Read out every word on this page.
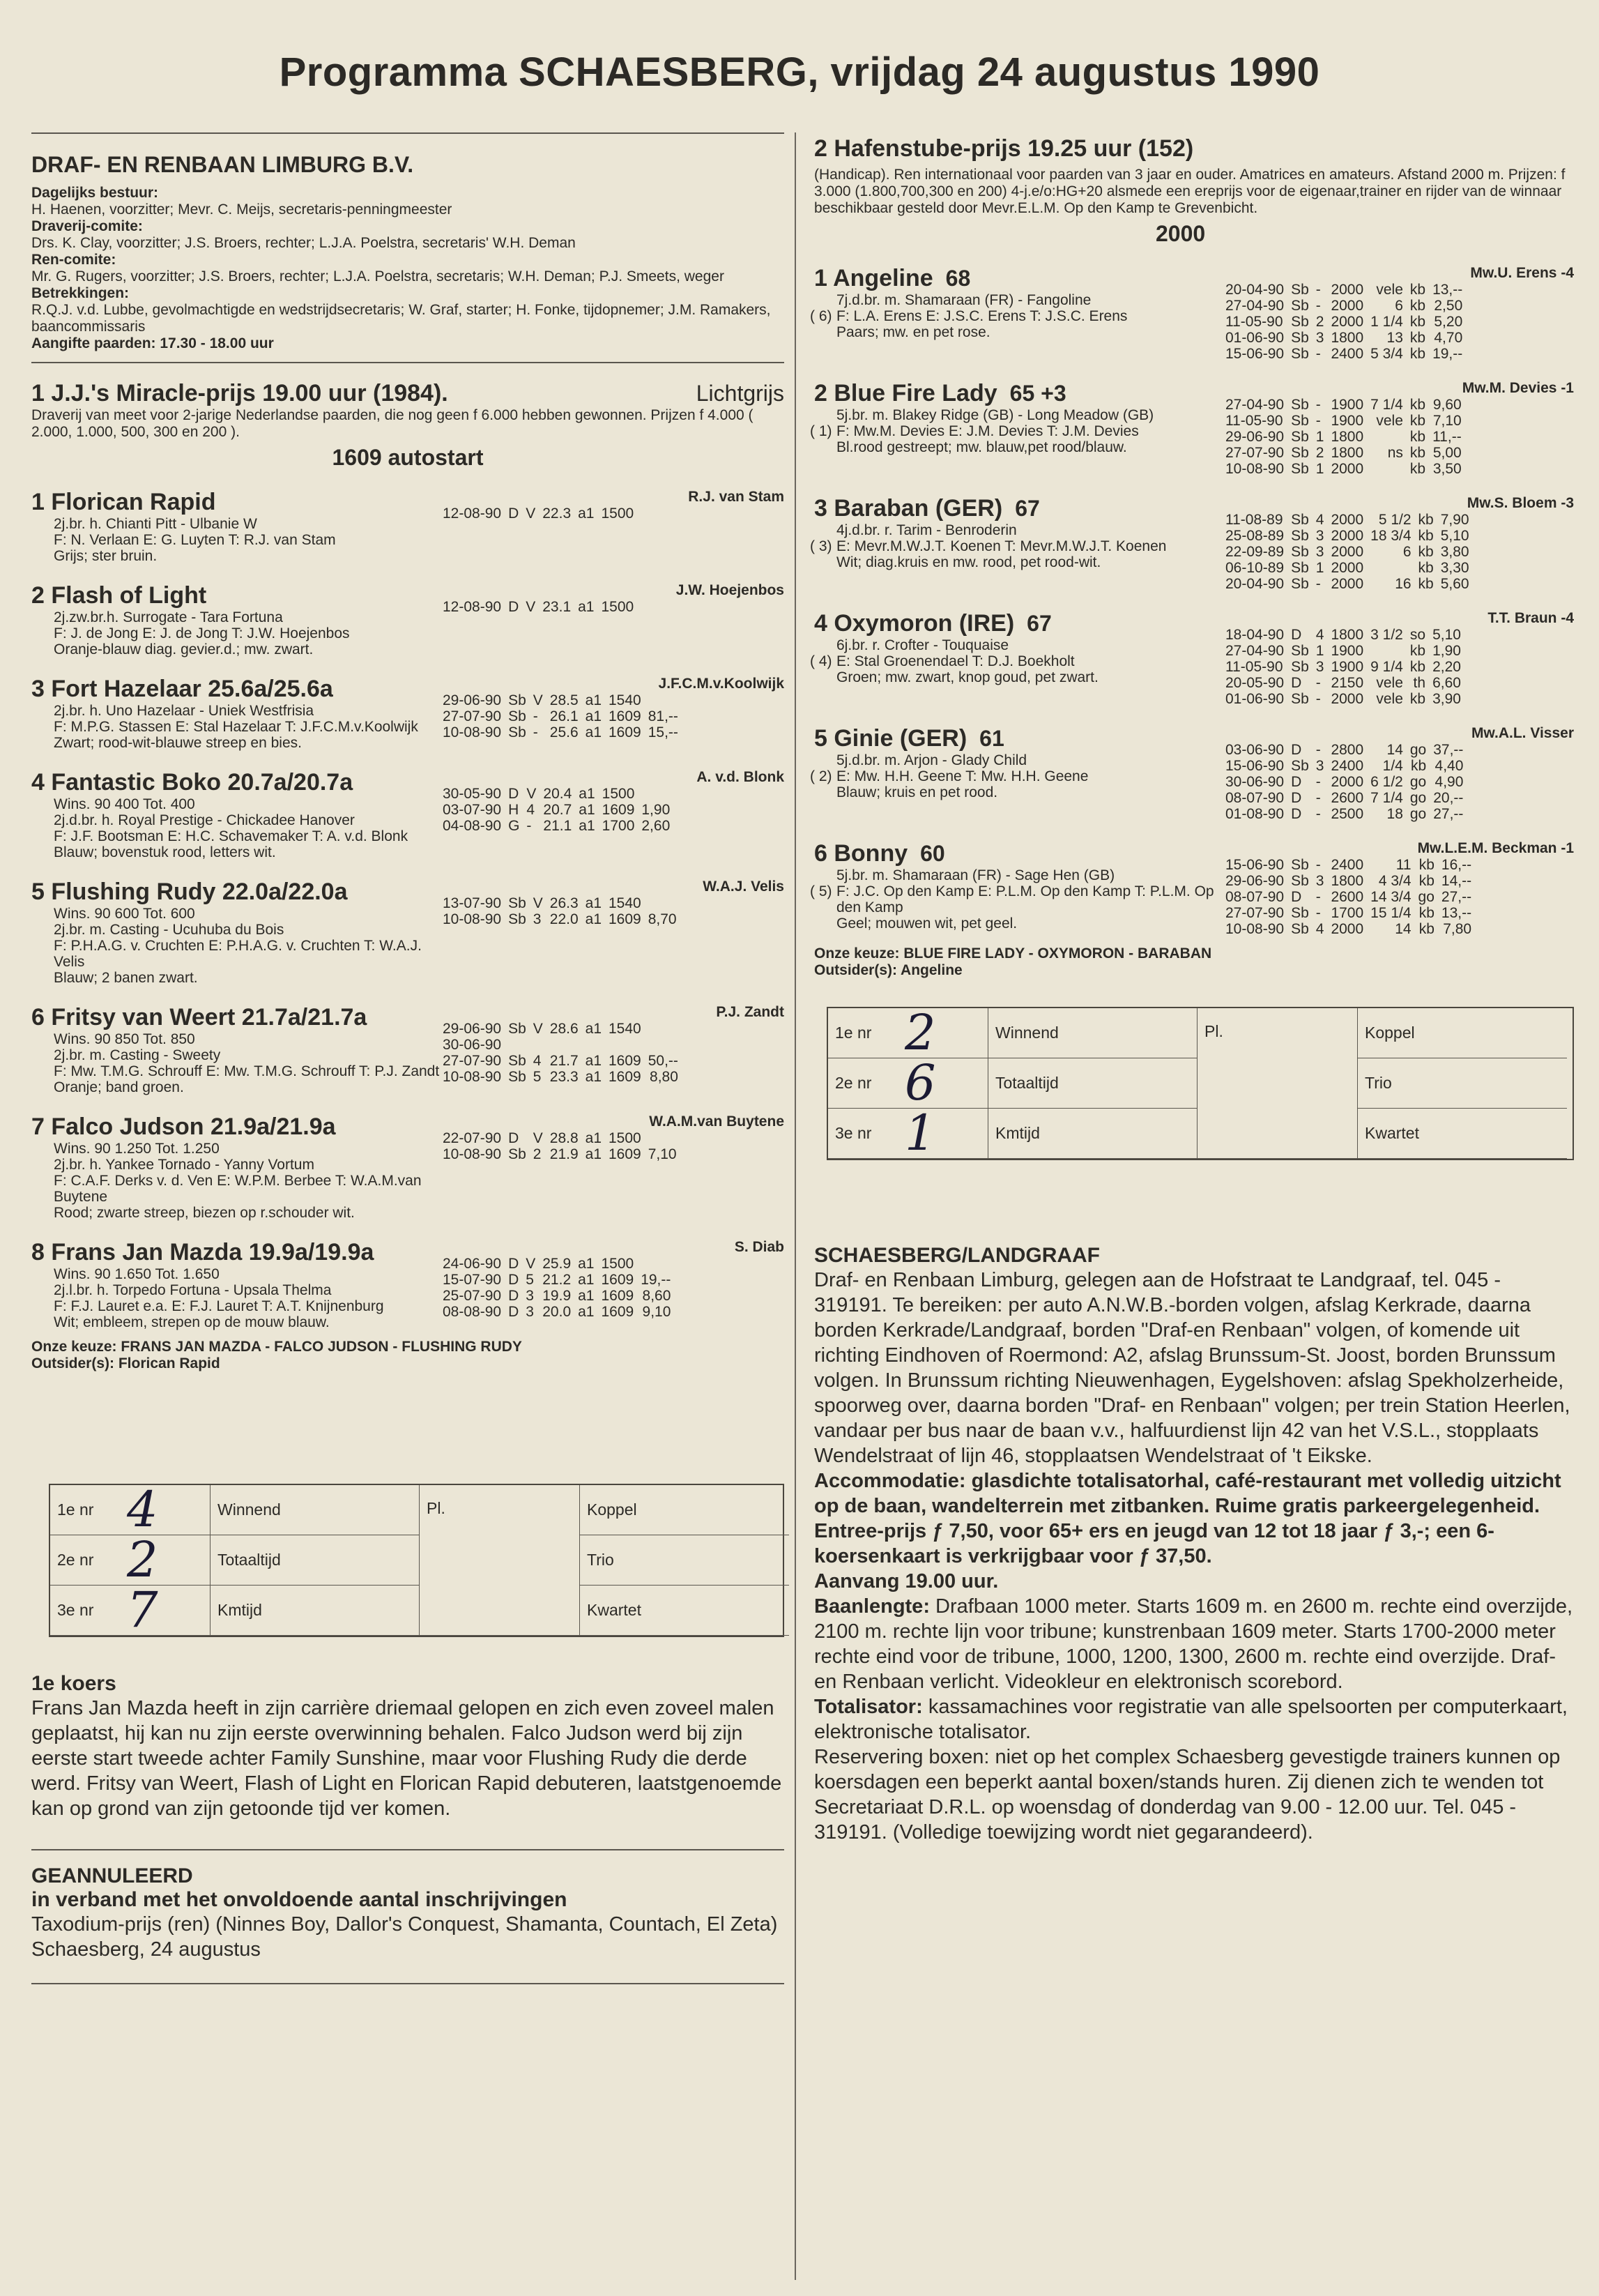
Programma SCHAESBERG, vrijdag 24 augustus 1990
DRAF- EN RENBAAN LIMBURG B.V.
Dagelijks bestuur:
H. Haenen, voorzitter; Mevr. C. Meijs, secretaris-penningmeester
Draverij-comite:
Drs. K. Clay, voorzitter; J.S. Broers, rechter; L.J.A. Poelstra, secretaris' W.H. Deman
Ren-comite:
Mr. G. Rugers, voorzitter; J.S. Broers, rechter; L.J.A. Poelstra, secretaris; W.H. Deman; P.J. Smeets, weger
Betrekkingen:
R.Q.J. v.d. Lubbe, gevolmachtigde en wedstrijdsecretaris; W. Graf, starter; H. Fonke, tijdopnemer; J.M. Ramakers, baancommissaris
Aangifte paarden: 17.30 - 18.00 uur
1 J.J.'s Miracle-prijs 19.00 uur (1984).	Lichtgrijs
Draverij van meet voor 2-jarige Nederlandse paarden, die nog geen f 6.000 hebben gewonnen. Prijzen f 4.000 ( 2.000, 1.000, 500, 300 en 200 ).
1609 autostart
1 Florican Rapid
2j.br. h. Chianti Pitt - Ulbanie W
F: N. Verlaan E: G. Luyten T: R.J. van Stam
Grijs; ster bruin.
R.J. van Stam
12-08-90	D	V	22.3	a1	1500	
2 Flash of Light
2j.zw.br.h. Surrogate - Tara Fortuna
F: J. de Jong E: J. de Jong T: J.W. Hoejenbos
Oranje-blauw diag. gevier.d.; mw. zwart.
J.W. Hoejenbos
12-08-90	D	V	23.1	a1	1500	
3 Fort Hazelaar 25.6a/25.6a
2j.br. h. Uno Hazelaar - Uniek Westfrisia
F: M.P.G. Stassen E: Stal Hazelaar T: J.F.C.M.v.Koolwijk
Zwart; rood-wit-blauwe streep en bies.
J.F.C.M.v.Koolwijk
29-06-90	Sb	V	28.5	a1	1540	
27-07-90	Sb	-	26.1	a1	1609	81,--
10-08-90	Sb	-	25.6	a1	1609	15,--
4 Fantastic Boko 20.7a/20.7a
Wins. 90 400 Tot. 400
2j.d.br. h. Royal Prestige - Chickadee Hanover
F: J.F. Bootsman E: H.C. Schavemaker T: A. v.d. Blonk
Blauw; bovenstuk rood, letters wit.
A. v.d. Blonk
30-05-90	D	V	20.4	a1	1500	
03-07-90	H	4	20.7	a1	1609	1,90
04-08-90	G	-	21.1	a1	1700	2,60
5 Flushing Rudy 22.0a/22.0a
Wins. 90 600 Tot. 600
2j.br. m. Casting - Ucuhuba du Bois
F: P.H.A.G. v. Cruchten E: P.H.A.G. v. Cruchten T: W.A.J. Velis
Blauw; 2 banen zwart.
W.A.J. Velis
13-07-90	Sb	V	26.3	a1	1540	
10-08-90	Sb	3	22.0	a1	1609	8,70
6 Fritsy van Weert 21.7a/21.7a
Wins. 90 850 Tot. 850
2j.br. m. Casting - Sweety
F: Mw. T.M.G. Schrouff E: Mw. T.M.G. Schrouff T: P.J. Zandt
Oranje; band groen.
P.J. Zandt
29-06-90	Sb	V	28.6	a1	1540	
30-06-90						
27-07-90	Sb	4	21.7	a1	1609	50,--
10-08-90	Sb	5	23.3	a1	1609	8,80
7 Falco Judson 21.9a/21.9a
Wins. 90 1.250 Tot. 1.250
2j.br. h. Yankee Tornado - Yanny Vortum
F: C.A.F. Derks v. d. Ven E: W.P.M. Berbee T: W.A.M.van Buytene
Rood; zwarte streep, biezen op r.schouder wit.
W.A.M.van Buytene
22-07-90	D	V	28.8	a1	1500	
10-08-90	Sb	2	21.9	a1	1609	7,10
8 Frans Jan Mazda 19.9a/19.9a
Wins. 90 1.650 Tot. 1.650
2j.l.br. h. Torpedo Fortuna - Upsala Thelma
F: F.J. Lauret e.a. E: F.J. Lauret T: A.T. Knijnenburg
Wit; embleem, strepen op de mouw blauw.
S. Diab
24-06-90	D	V	25.9	a1	1500	
15-07-90	D	5	21.2	a1	1609	19,--
25-07-90	D	3	19.9	a1	1609	8,60
08-08-90	D	3	20.0	a1	1609	9,10
Onze keuze: FRANS JAN MAZDA - FALCO JUDSON - FLUSHING RUDY
Outsider(s): Florican Rapid
1e nr 4	Winnend	Koppel
2e nr 2	Totaaltijd	Trio
3e nr 7	Kmtijd	Kwartet
Pl.
1e koers
Frans Jan Mazda heeft in zijn carrière driemaal gelopen en zich even zoveel malen geplaatst, hij kan nu zijn eerste overwinning behalen. Falco Judson werd bij zijn eerste start tweede achter Family Sunshine, maar voor Flushing Rudy die derde werd. Fritsy van Weert, Flash of Light en Florican Rapid debuteren, laatstgenoemde kan op grond van zijn getoonde tijd ver komen.
GEANNULEERD
in verband met het onvoldoende aantal inschrijvingen
Taxodium-prijs (ren) (Ninnes Boy, Dallor's Conquest, Shamanta, Countach, El Zeta)
Schaesberg, 24 augustus
2 Hafenstube-prijs 19.25 uur (152)
(Handicap). Ren internationaal voor paarden van 3 jaar en ouder. Amatrices en amateurs. Afstand 2000 m. Prijzen: f 3.000 (1.800,700,300 en 200) 4-j.e/o:HG+20 alsmede een ereprijs voor de eigenaar,trainer en rijder van de winnaar beschikbaar gesteld door Mevr.E.L.M. Op den Kamp te Grevenbicht.
2000
1 Angeline 68
( 6)
7j.d.br. m. Shamaraan (FR) - Fangoline
F: L.A. Erens E: J.S.C. Erens T: J.S.C. Erens
Paars; mw. en pet rose.
Mw.U. Erens -4
20-04-90	Sb	-	2000	vele	kb	13,--
27-04-90	Sb	-	2000	6	kb	2,50
11-05-90	Sb	2	2000	1 1/4	kb	5,20
01-06-90	Sb	3	1800	13	kb	4,70
15-06-90	Sb	-	2400	5 3/4	kb	19,--
2 Blue Fire Lady 65 +3
( 1)
5j.br. m. Blakey Ridge (GB) - Long Meadow (GB)
F: Mw.M. Devies E: J.M. Devies T: J.M. Devies
Bl.rood gestreept; mw. blauw,pet rood/blauw.
Mw.M. Devies -1
27-04-90	Sb	-	1900	7 1/4	kb	9,60
11-05-90	Sb	-	1900	vele	kb	7,10
29-06-90	Sb	1	1800		kb	11,--
27-07-90	Sb	2	1800	ns	kb	5,00
10-08-90	Sb	1	2000		kb	3,50
3 Baraban (GER) 67
( 3)
4j.d.br. r. Tarim - Benroderin
E: Mevr.M.W.J.T. Koenen T: Mevr.M.W.J.T. Koenen
Wit; diag.kruis en mw. rood, pet rood-wit.
Mw.S. Bloem -3
11-08-89	Sb	4	2000	5 1/2	kb	7,90
25-08-89	Sb	3	2000	18 3/4	kb	5,10
22-09-89	Sb	3	2000	6	kb	3,80
06-10-89	Sb	1	2000		kb	3,30
20-04-90	Sb	-	2000	16	kb	5,60
4 Oxymoron (IRE) 67
( 4)
6j.br. r. Crofter - Touquaise
E: Stal Groenendael T: D.J. Boekholt
Groen; mw. zwart, knop goud, pet zwart.
T.T. Braun -4
18-04-90	D	4	1800	3 1/2	so	5,10
27-04-90	Sb	1	1900		kb	1,90
11-05-90	Sb	3	1900	9 1/4	kb	2,20
20-05-90	D	-	2150	vele	th	6,60
01-06-90	Sb	-	2000	vele	kb	3,90
5 Ginie (GER) 61
( 2)
5j.d.br. m. Arjon - Glady Child
E: Mw. H.H. Geene T: Mw. H.H. Geene
Blauw; kruis en pet rood.
Mw.A.L. Visser
03-06-90	D	-	2800	14	go	37,--
15-06-90	Sb	3	2400	1/4	kb	4,40
30-06-90	D	-	2000	6 1/2	go	4,90
08-07-90	D	-	2600	7 1/4	go	20,--
01-08-90	D	-	2500	18	go	27,--
6 Bonny 60
( 5)
5j.br. m. Shamaraan (FR) - Sage Hen (GB)
F: J.C. Op den Kamp E: P.L.M. Op den Kamp T: P.L.M. Op den Kamp
Geel; mouwen wit, pet geel.
Mw.L.E.M. Beckman -1
15-06-90	Sb	-	2400	11	kb	16,--
29-06-90	Sb	3	1800	4 3/4	kb	14,--
08-07-90	D	-	2600	14 3/4	go	27,--
27-07-90	Sb	-	1700	15 1/4	kb	13,--
10-08-90	Sb	4	2000	14	kb	7,80
Onze keuze: BLUE FIRE LADY - OXYMORON - BARABAN
Outsider(s): Angeline
1e nr 2	Winnend	Koppel
2e nr 6	Totaaltijd	Trio
3e nr 1	Kmtijd	Kwartet
Pl.
SCHAESBERG/LANDGRAAF
Draf- en Renbaan Limburg, gelegen aan de Hofstraat te Landgraaf, tel. 045 - 319191. Te bereiken: per auto A.N.W.B.-borden volgen, afslag Kerkrade, daarna borden Kerkrade/Landgraaf, borden "Draf-en Renbaan" volgen, of komende uit richting Eindhoven of Roermond: A2, afslag Brunssum-St. Joost, borden Brunssum volgen. In Brunssum richting Nieuwenhagen, Eygelshoven: afslag Spekholzerheide, spoorweg over, daarna borden "Draf- en Renbaan" volgen; per trein Station Heerlen, vandaar per bus naar de baan v.v., halfuurdienst lijn 42 van het V.S.L., stopplaats Wendelstraat of lijn 46, stopplaatsen Wendelstraat of 't Eikske.
Accommodatie: glasdichte totalisatorhal, café-restaurant met volledig uitzicht op de baan, wandelterrein met zitbanken. Ruime gratis parkeergelegenheid.
Entree-prijs ƒ 7,50, voor 65+ ers en jeugd van 12 tot 18 jaar ƒ 3,-; een 6-koersenkaart is verkrijgbaar voor ƒ 37,50.
Aanvang 19.00 uur.
Baanlengte: Drafbaan 1000 meter. Starts 1609 m. en 2600 m. rechte eind overzijde, 2100 m. rechte lijn voor tribune; kunstrenbaan 1609 meter. Starts 1700-2000 meter rechte eind voor de tribune, 1000, 1200, 1300, 2600 m. rechte eind overzijde. Draf- en Renbaan verlicht. Videokleur en elektronisch scorebord.
Totalisator: kassamachines voor registratie van alle spelsoorten per computerkaart, elektronische totalisator.
Reservering boxen: niet op het complex Schaesberg gevestigde trainers kunnen op koersdagen een beperkt aantal boxen/stands huren. Zij dienen zich te wenden tot Secretariaat D.R.L. op woensdag of donderdag van 9.00 - 12.00 uur. Tel. 045 - 319191. (Volledige toewijzing wordt niet gegarandeerd).
